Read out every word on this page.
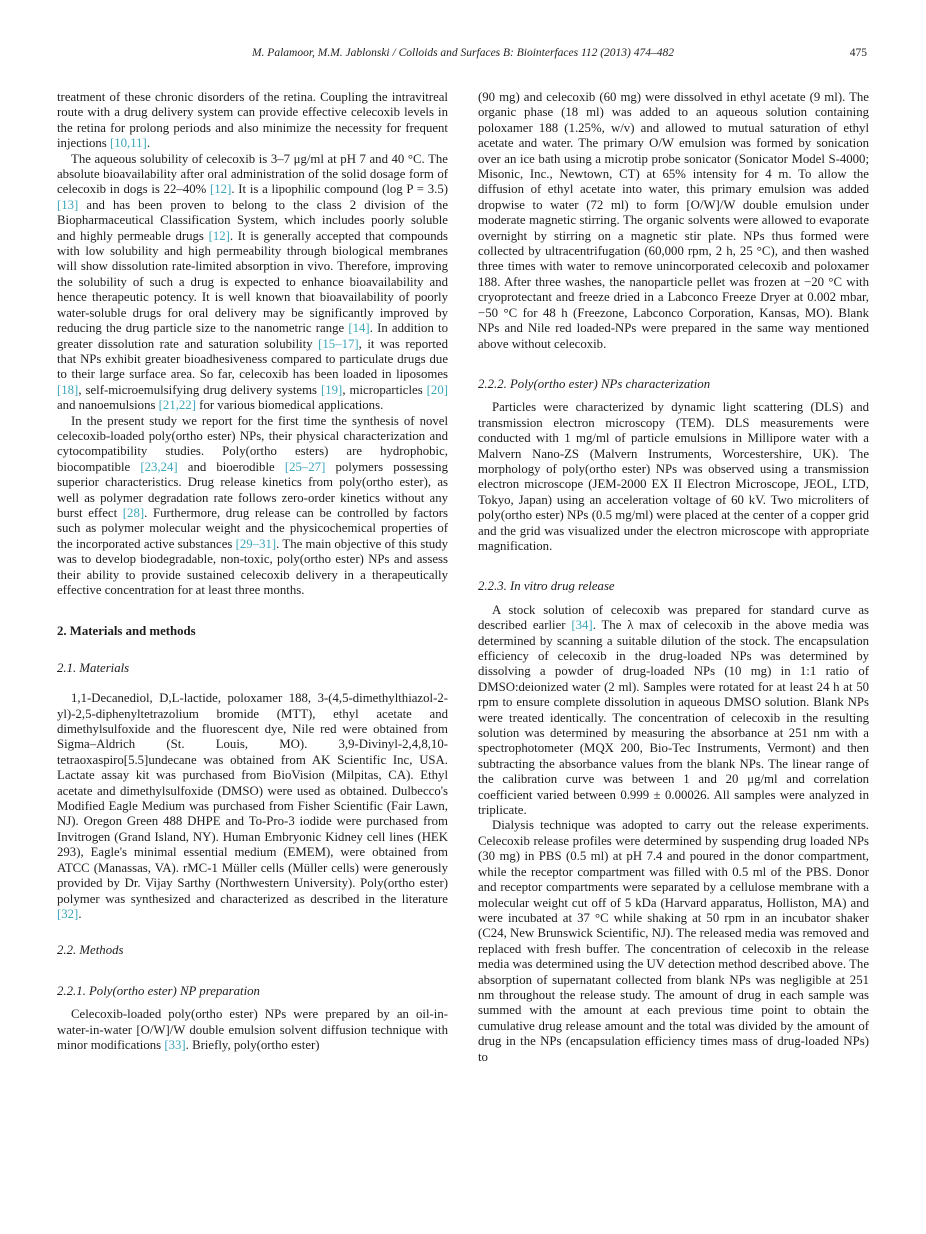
M. Palamoor, M.M. Jablonski / Colloids and Surfaces B: Biointerfaces 112 (2013) 474–482	475

treatment of these chronic disorders of the retina. Coupling the intravitreal route with a drug delivery system can provide effective celecoxib levels in the retina for prolong periods and also minimize the necessity for frequent injections [10,11].

The aqueous solubility of celecoxib is 3–7 μg/ml at pH 7 and 40 °C. The absolute bioavailability after oral administration of the solid dosage form of celecoxib in dogs is 22–40% [12]. It is a lipophilic compound (log P = 3.5) [13] and has been proven to belong to the class 2 division of the Biopharmaceutical Classification System, which includes poorly soluble and highly permeable drugs [12]. It is generally accepted that compounds with low solubility and high permeability through biological membranes will show dissolution rate-limited absorption in vivo. Therefore, improving the solubility of such a drug is expected to enhance bioavailability and hence therapeutic potency. It is well known that bioavailability of poorly water-soluble drugs for oral delivery may be significantly improved by reducing the drug particle size to the nanometric range [14]. In addition to greater dissolution rate and saturation solubility [15–17], it was reported that NPs exhibit greater bioadhesiveness compared to particulate drugs due to their large surface area. So far, celecoxib has been loaded in liposomes [18], self-microemulsifying drug delivery systems [19], microparticles [20] and nanoemulsions [21,22] for various biomedical applications.

In the present study we report for the first time the synthesis of novel celecoxib-loaded poly(ortho ester) NPs, their physical characterization and cytocompatibility studies. Poly(ortho esters) are hydrophobic, biocompatible [23,24] and bioerodible [25–27] polymers possessing superior characteristics. Drug release kinetics from poly(ortho ester), as well as polymer degradation rate follows zero-order kinetics without any burst effect [28]. Furthermore, drug release can be controlled by factors such as polymer molecular weight and the physicochemical properties of the incorporated active substances [29–31]. The main objective of this study was to develop biodegradable, non-toxic, poly(ortho ester) NPs and assess their ability to provide sustained celecoxib delivery in a therapeutically effective concentration for at least three months.

2. Materials and methods
2.1. Materials

1,1-Decanediol, D,L-lactide, poloxamer 188, 3-(4,5-dimethylthiazol-2-yl)-2,5-diphenyltetrazolium bromide (MTT), ethyl acetate and dimethylsulfoxide and the fluorescent dye, Nile red were obtained from Sigma–Aldrich (St. Louis, MO). 3,9-Divinyl-2,4,8,10-tetraoxaspiro[5.5]undecane was obtained from AK Scientific Inc, USA. Lactate assay kit was purchased from BioVision (Milpitas, CA). Ethyl acetate and dimethylsulfoxide (DMSO) were used as obtained. Dulbecco's Modified Eagle Medium was purchased from Fisher Scientific (Fair Lawn, NJ). Oregon Green 488 DHPE and To-Pro-3 iodide were purchased from Invitrogen (Grand Island, NY). Human Embryonic Kidney cell lines (HEK 293), Eagle's minimal essential medium (EMEM), were obtained from ATCC (Manassas, VA). rMC-1 Müller cells (Müller cells) were generously provided by Dr. Vijay Sarthy (Northwestern University). Poly(ortho ester) polymer was synthesized and characterized as described in the literature [32].

2.2. Methods
2.2.1. Poly(ortho ester) NP preparation

Celecoxib-loaded poly(ortho ester) NPs were prepared by an oil-in-water-in-water [O/W]/W double emulsion solvent diffusion technique with minor modifications [33]. Briefly, poly(ortho ester)

(90 mg) and celecoxib (60 mg) were dissolved in ethyl acetate (9 ml). The organic phase (18 ml) was added to an aqueous solution containing poloxamer 188 (1.25%, w/v) and allowed to mutual saturation of ethyl acetate and water. The primary O/W emulsion was formed by sonication over an ice bath using a microtip probe sonicator (Sonicator Model S-4000; Misonic, Inc., Newtown, CT) at 65% intensity for 4 m. To allow the diffusion of ethyl acetate into water, this primary emulsion was added dropwise to water (72 ml) to form [O/W]/W double emulsion under moderate magnetic stirring. The organic solvents were allowed to evaporate overnight by stirring on a magnetic stir plate. NPs thus formed were collected by ultracentrifugation (60,000 rpm, 2 h, 25 °C), and then washed three times with water to remove unincorporated celecoxib and poloxamer 188. After three washes, the nanoparticle pellet was frozen at −20 °C with cryoprotectant and freeze dried in a Labconco Freeze Dryer at 0.002 mbar, −50 °C for 48 h (Freezone, Labconco Corporation, Kansas, MO). Blank NPs and Nile red loaded-NPs were prepared in the same way mentioned above without celecoxib.

2.2.2. Poly(ortho ester) NPs characterization

Particles were characterized by dynamic light scattering (DLS) and transmission electron microscopy (TEM). DLS measurements were conducted with 1 mg/ml of particle emulsions in Millipore water with a Malvern Nano-ZS (Malvern Instruments, Worcestershire, UK). The morphology of poly(ortho ester) NPs was observed using a transmission electron microscope (JEM-2000 EX II Electron Microscope, JEOL, LTD, Tokyo, Japan) using an acceleration voltage of 60 kV. Two microliters of poly(ortho ester) NPs (0.5 mg/ml) were placed at the center of a copper grid and the grid was visualized under the electron microscope with appropriate magnification.

2.2.3. In vitro drug release

A stock solution of celecoxib was prepared for standard curve as described earlier [34]. The λ max of celecoxib in the above media was determined by scanning a suitable dilution of the stock. The encapsulation efficiency of celecoxib in the drug-loaded NPs was determined by dissolving a powder of drug-loaded NPs (10 mg) in 1:1 ratio of DMSO:deionized water (2 ml). Samples were rotated for at least 24 h at 50 rpm to ensure complete dissolution in aqueous DMSO solution. Blank NPs were treated identically. The concentration of celecoxib in the resulting solution was determined by measuring the absorbance at 251 nm with a spectrophotometer (MQX 200, Bio-Tec Instruments, Vermont) and then subtracting the absorbance values from the blank NPs. The linear range of the calibration curve was between 1 and 20 μg/ml and correlation coefficient varied between 0.999 ± 0.00026. All samples were analyzed in triplicate.

Dialysis technique was adopted to carry out the release experiments. Celecoxib release profiles were determined by suspending drug loaded NPs (30 mg) in PBS (0.5 ml) at pH 7.4 and poured in the donor compartment, while the receptor compartment was filled with 0.5 ml of the PBS. Donor and receptor compartments were separated by a cellulose membrane with a molecular weight cut off of 5 kDa (Harvard apparatus, Holliston, MA) and were incubated at 37 °C while shaking at 50 rpm in an incubator shaker (C24, New Brunswick Scientific, NJ). The released media was removed and replaced with fresh buffer. The concentration of celecoxib in the release media was determined using the UV detection method described above. The absorption of supernatant collected from blank NPs was negligible at 251 nm throughout the release study. The amount of drug in each sample was summed with the amount at each previous time point to obtain the cumulative drug release amount and the total was divided by the amount of drug in the NPs (encapsulation efficiency times mass of drug-loaded NPs) to
